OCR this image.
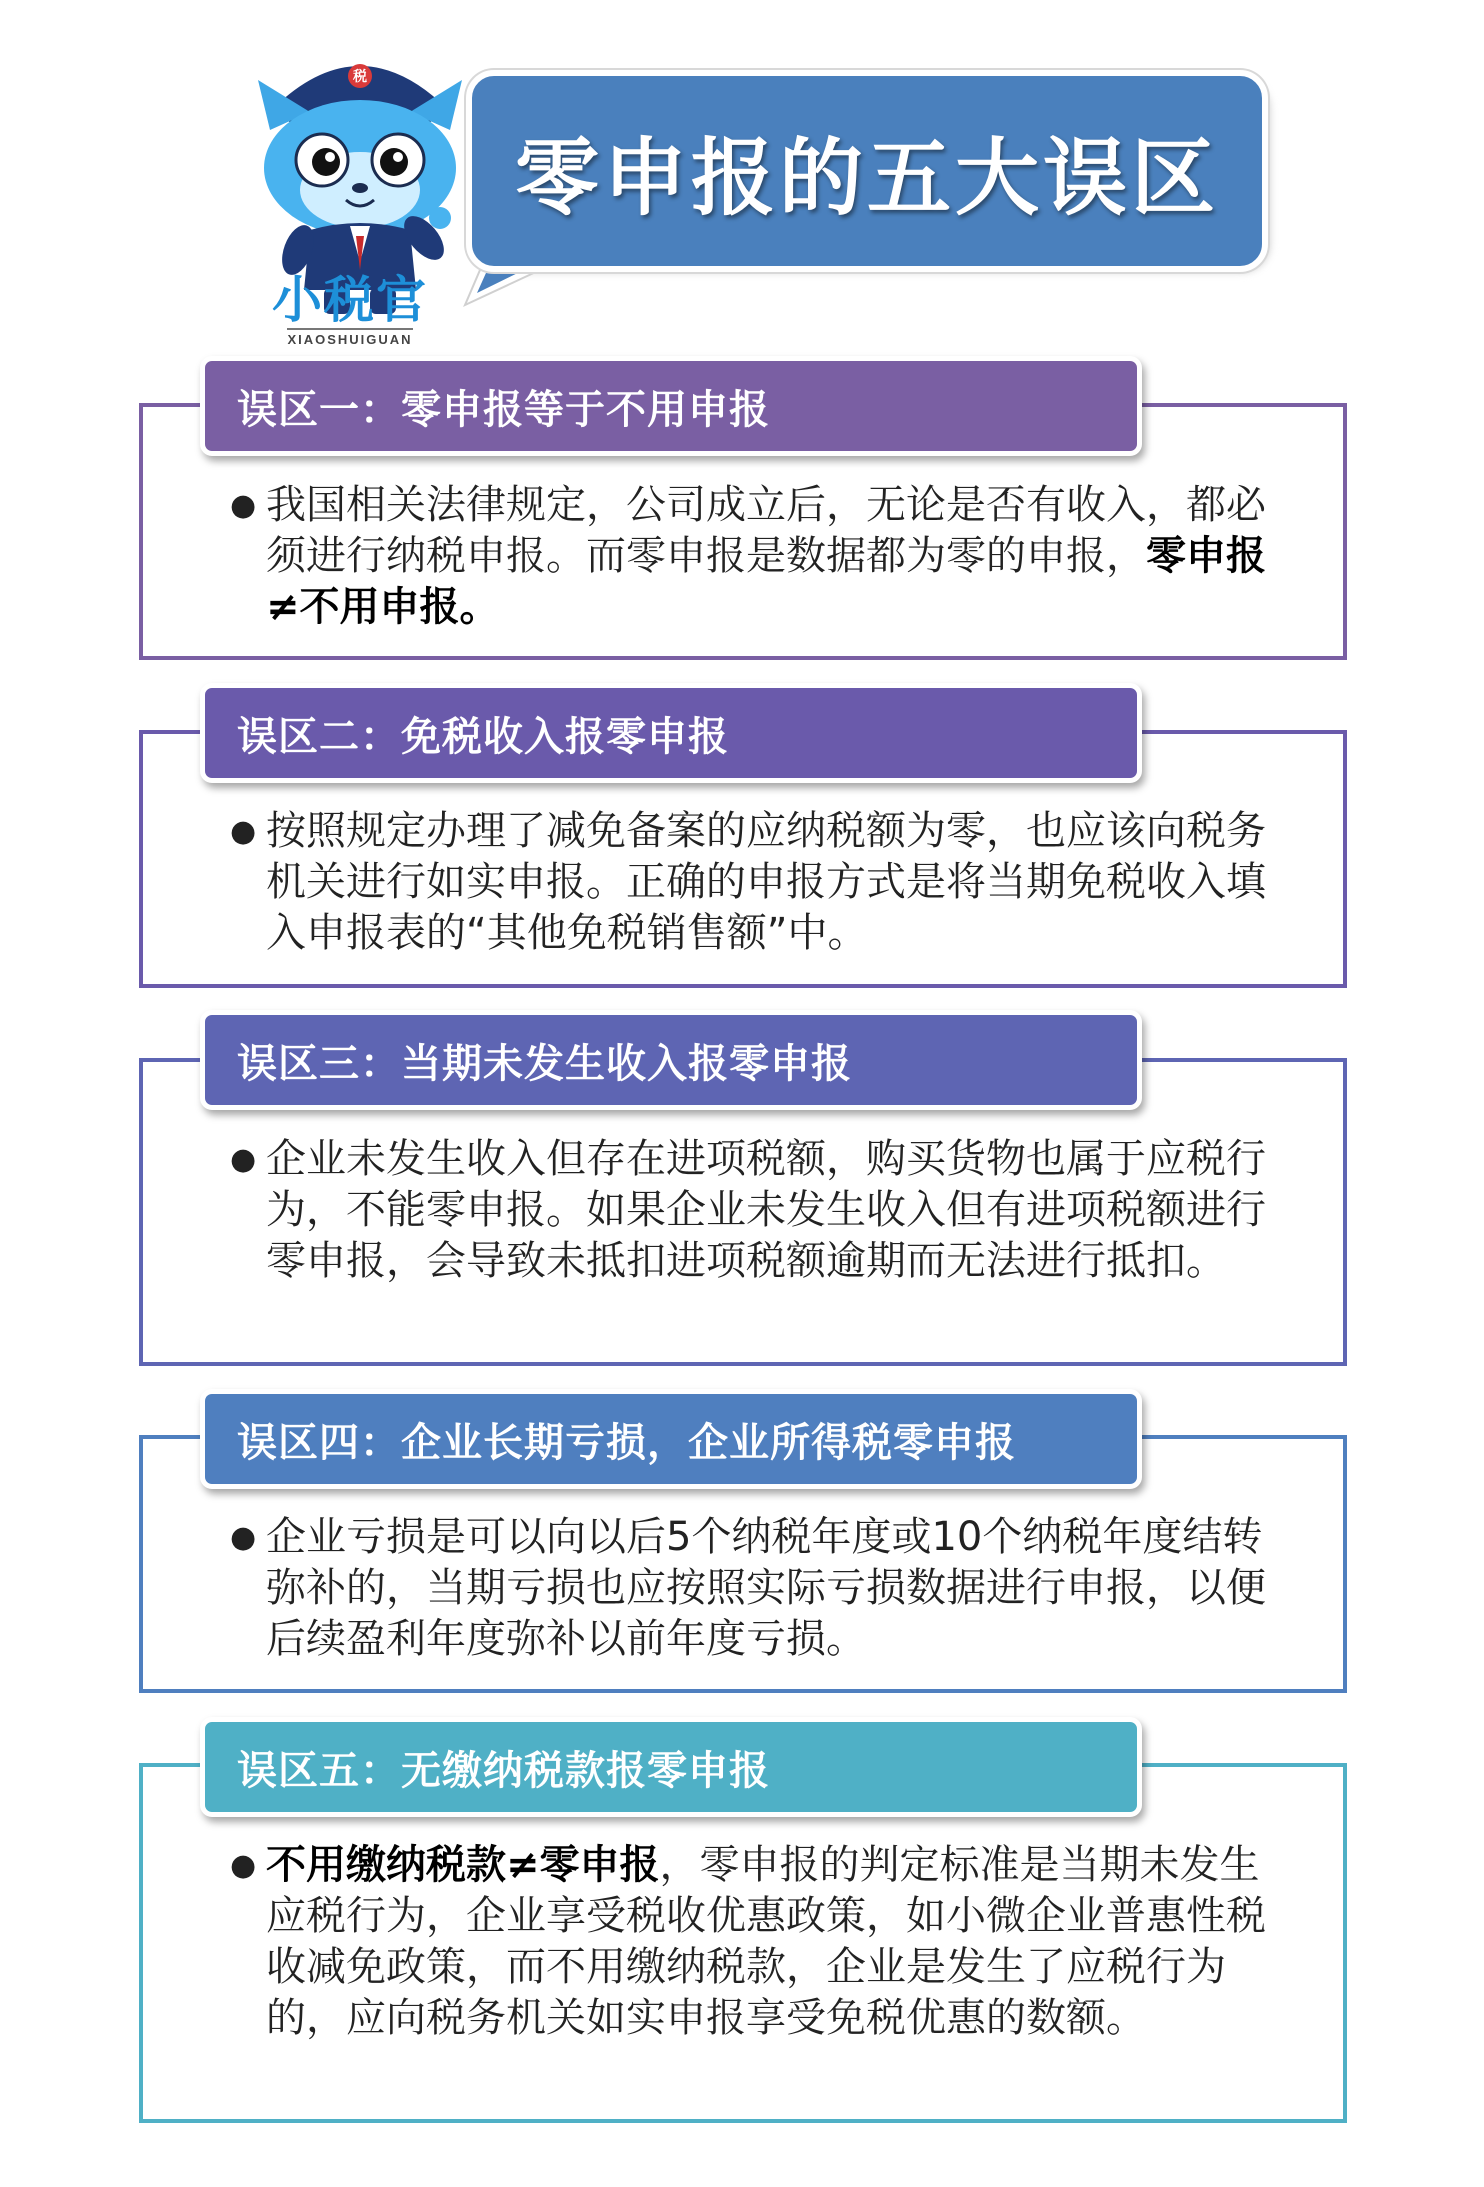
税
小税官
XIAOSHUIGUAN
零申报的五大误区
误区一：零申报等于不用申报
● 我国相关法律规定，公司成立后，无论是否有收入，都必须进行纳税申报。而零申报是数据都为零的申报，零申报≠不用申报。

误区二：免税收入报零申报
● 按照规定办理了减免备案的应纳税额为零，也应该向税务机关进行如实申报。正确的申报方式是将当期免税收入填入申报表的“其他免税销售额”中。

误区三：当期未发生收入报零申报
● 企业未发生收入但存在进项税额，购买货物也属于应税行为，不能零申报。如果企业未发生收入但有进项税额进行零申报，会导致未抵扣进项税额逾期而无法进行抵扣。

误区四：企业长期亏损，企业所得税零申报
● 企业亏损是可以向以后5个纳税年度或10个纳税年度结转弥补的，当期亏损也应按照实际亏损数据进行申报，以便后续盈利年度弥补以前年度亏损。

误区五：无缴纳税款报零申报
● 不用缴纳税款≠零申报，零申报的判定标准是当期未发生应税行为，企业享受税收优惠政策，如小微企业普惠性税收减免政策，而不用缴纳税款，企业是发生了应税行为的，应向税务机关如实申报享受免税优惠的数额。
